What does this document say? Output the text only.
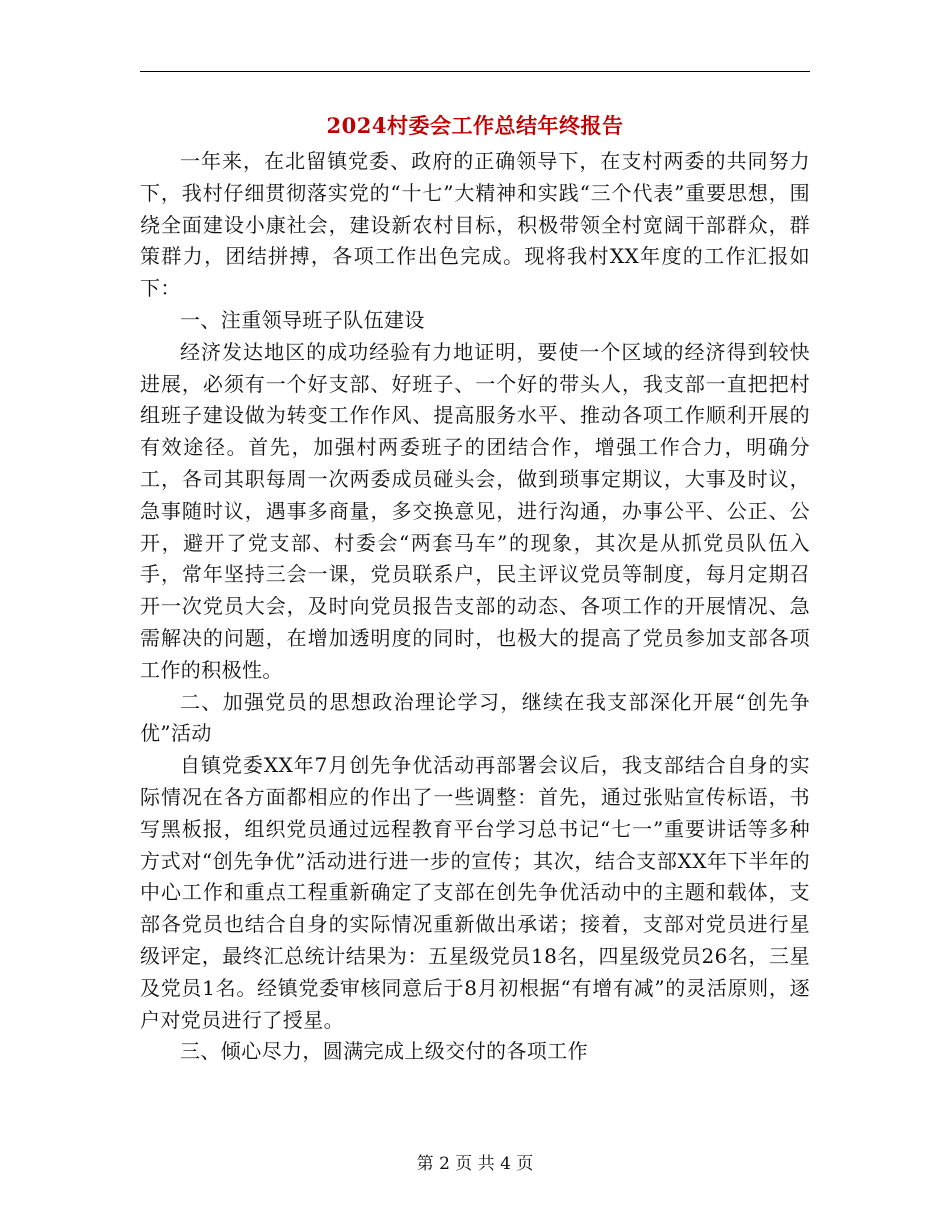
2024村委会工作总结年终报告

一年来，在北留镇党委、政府的正确领导下，在支村两委的共同努力下，我村仔细贯彻落实党的“十七”大精神和实践“三个代表”重要思想，围绕全面建设小康社会，建设新农村目标，积极带领全村宽阔干部群众，群策群力，团结拼搏，各项工作出色完成。现将我村XX年度的工作汇报如下：

一、注重领导班子队伍建设

经济发达地区的成功经验有力地证明，要使一个区域的经济得到较快进展，必须有一个好支部、好班子、一个好的带头人，我支部一直把把村组班子建设做为转变工作作风、提高服务水平、推动各项工作顺利开展的有效途径。首先，加强村两委班子的团结合作，增强工作合力，明确分工，各司其职每周一次两委成员碰头会，做到琐事定期议，大事及时议，急事随时议，遇事多商量，多交换意见，进行沟通，办事公平、公正、公开，避开了党支部、村委会“两套马车”的现象，其次是从抓党员队伍入手，常年坚持三会一课，党员联系户，民主评议党员等制度，每月定期召开一次党员大会，及时向党员报告支部的动态、各项工作的开展情况、急需解决的问题，在增加透明度的同时，也极大的提高了党员参加支部各项工作的积极性。

二、加强党员的思想政治理论学习，继续在我支部深化开展“创先争优”活动

自镇党委XX年7月创先争优活动再部署会议后，我支部结合自身的实际情况在各方面都相应的作出了一些调整：首先，通过张贴宣传标语，书写黑板报，组织党员通过远程教育平台学习总书记“七一”重要讲话等多种方式对“创先争优”活动进行进一步的宣传；其次，结合支部XX年下半年的中心工作和重点工程重新确定了支部在创先争优活动中的主题和载体，支部各党员也结合自身的实际情况重新做出承诺；接着，支部对党员进行星级评定，最终汇总统计结果为：五星级党员18名，四星级党员26名，三星及党员1名。经镇党委审核同意后于8月初根据“有增有减”的灵活原则，逐户对党员进行了授星。

三、倾心尽力，圆满完成上级交付的各项工作

第 2 页 共 4 页
